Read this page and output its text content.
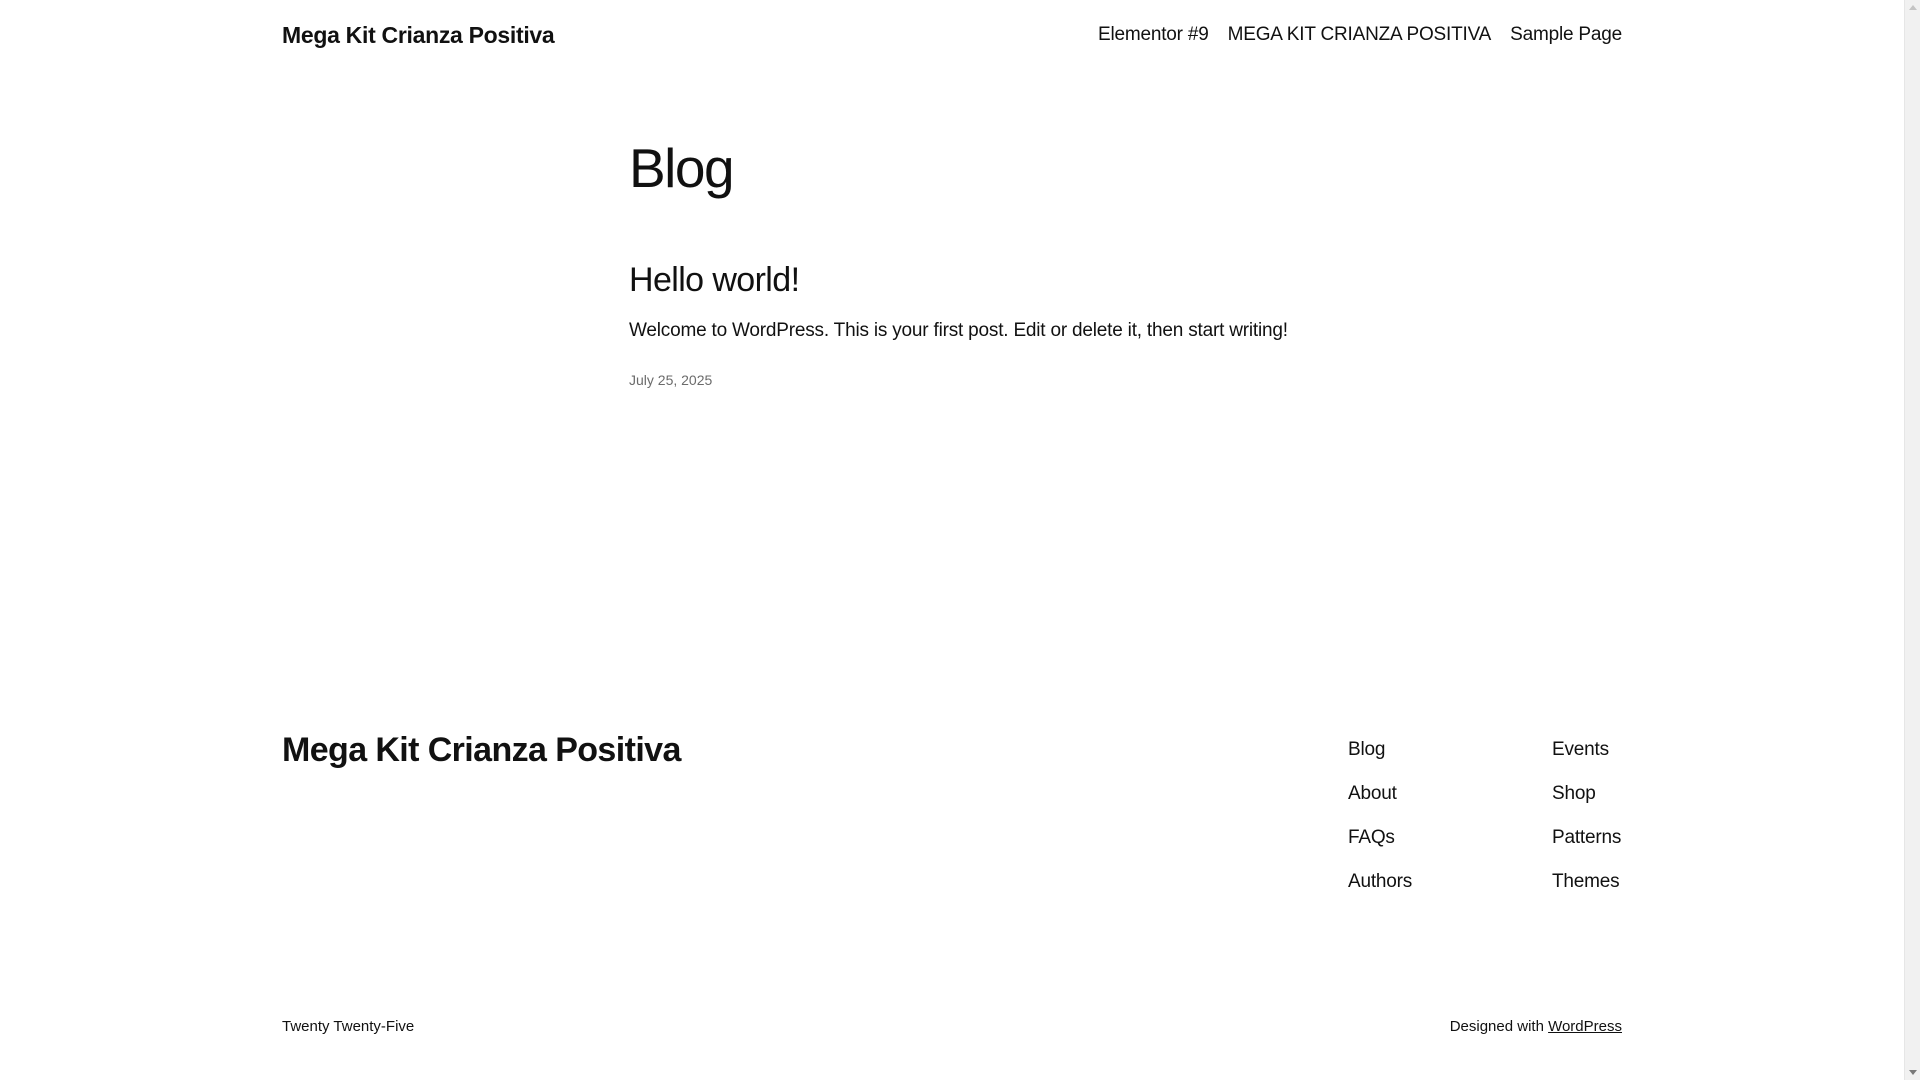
Mega Kit Crianza Positiva	Elementor #9 MEGA KIT CRIANZA POSITIVA Sample Page
Blog
Hello world!

Welcome to WordPress. This is your first post. Edit or delete it, then start writing!

July 25, 2025
Mega Kit Crianza Positiva	Blog
About
FAQs
Authors
Events
Shop
Patterns
Themes
Twenty Twenty-Five	Designed with WordPress
